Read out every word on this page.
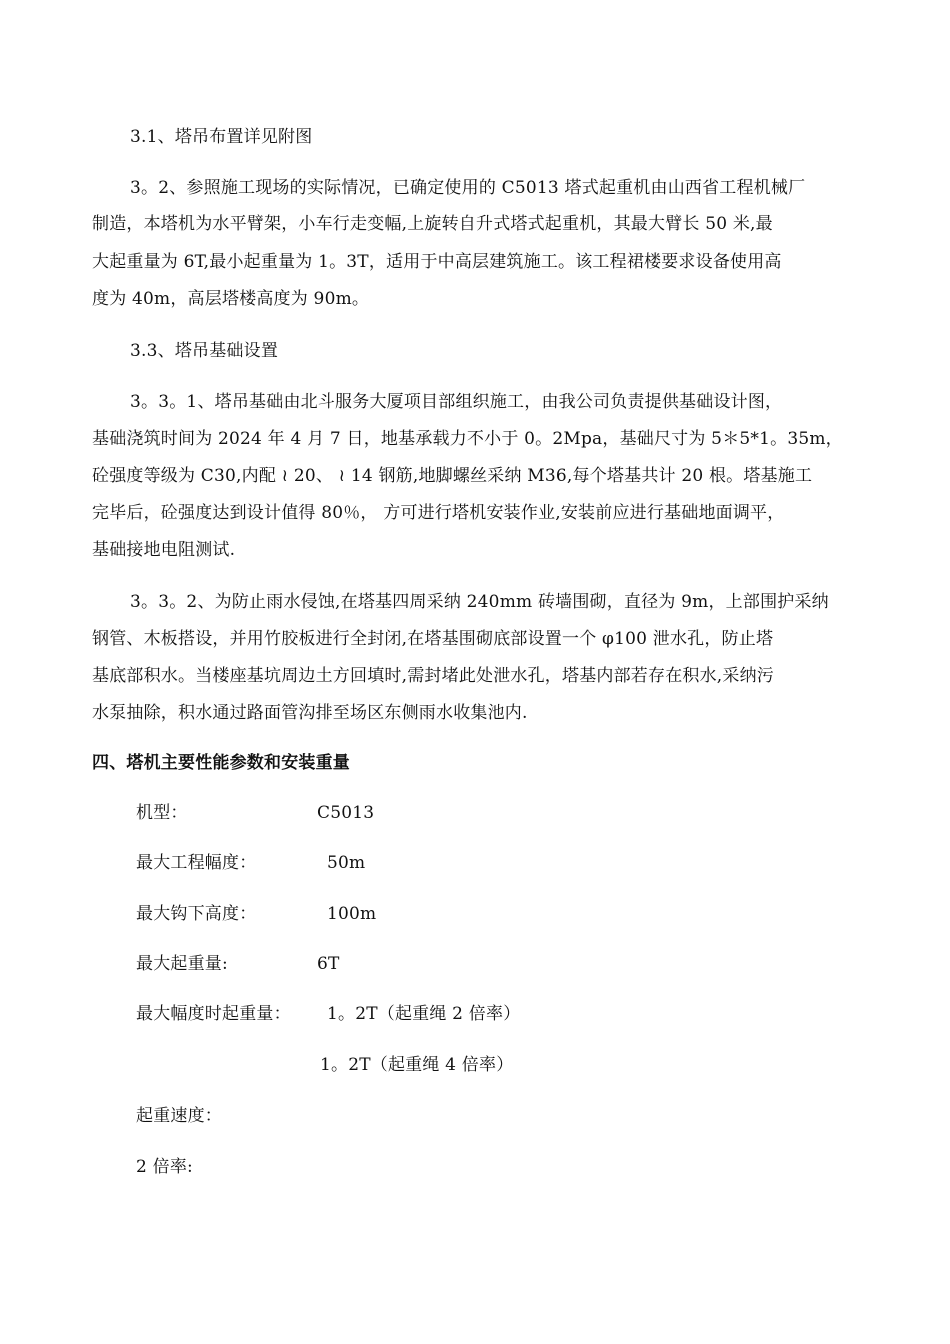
3.1、塔吊布置详见附图
3。2、参照施工现场的实际情况，已确定使用的 C5013 塔式起重机由山西省工程机械厂
制造，本塔机为水平臂架，小车行走变幅,上旋转自升式塔式起重机，其最大臂长 50 米,最
大起重量为 6T,最小起重量为 1。3T，适用于中高层建筑施工。该工程裙楼要求设备使用高
度为 40m，高层塔楼高度为 90m。
3.3、塔吊基础设置
3。3。1、塔吊基础由北斗服务大厦项目部组织施工，由我公司负责提供基础设计图，
基础浇筑时间为 2024 年 4 月 7 日，地基承载力不小于 0。2Mpa，基础尺寸为 5＊5*1。35m，
砼强度等级为 C30,内配 ≀ 20、 ≀ 14 钢筋,地脚螺丝采纳 M36,每个塔基共计 20 根。塔基施工
完毕后，砼强度达到设计值得 80％， 方可进行塔机安装作业,安装前应进行基础地面调平，
基础接地电阻测试.
3。3。2、为防止雨水侵蚀,在塔基四周采纳 240mm 砖墙围砌，直径为 9m，上部围护采纳
钢管、木板搭设，并用竹胶板进行全封闭,在塔基围砌底部设置一个 φ100 泄水孔，防止塔
基底部积水。当楼座基坑周边土方回填时,需封堵此处泄水孔，塔基内部若存在积水,采纳污
水泵抽除，积水通过路面管沟排至场区东侧雨水收集池内.
四、塔机主要性能参数和安装重量
机型：	C5013
最大工程幅度：	50m
最大钩下高度：	100m
最大起重量:	6T
最大幅度时起重量： 1。2T（起重绳 2 倍率）
1。2T（起重绳 4 倍率）
起重速度：
2 倍率:
